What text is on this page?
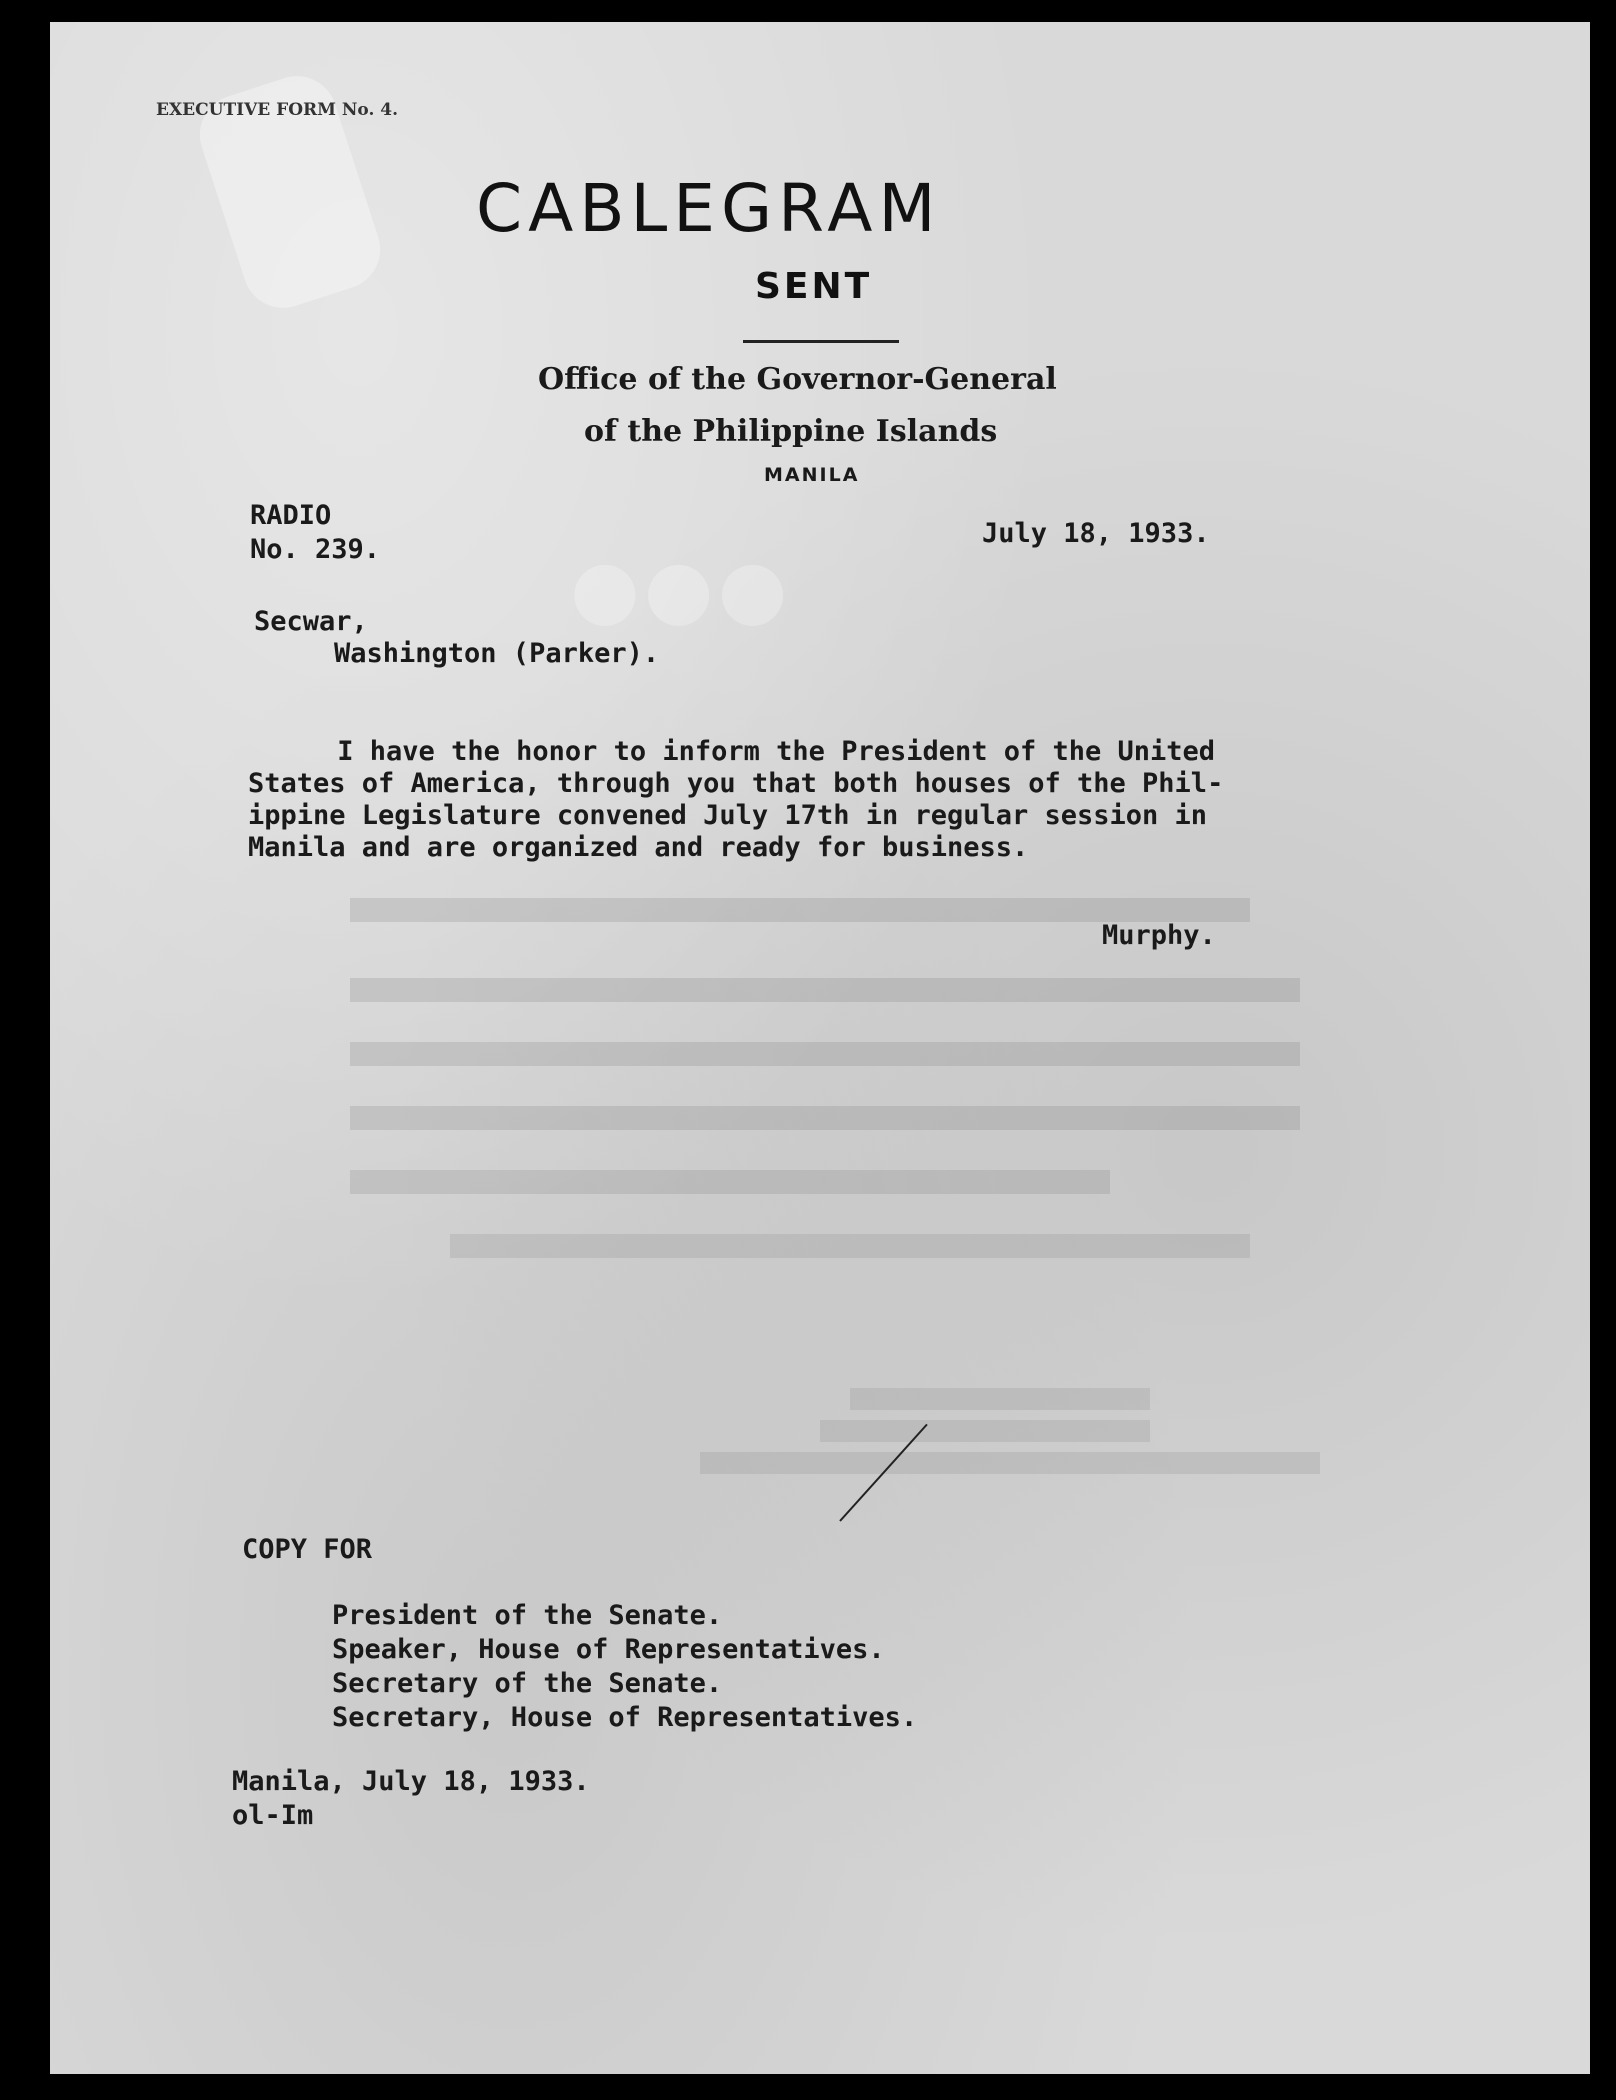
EXECUTIVE FORM No. 4.

CABLEGRAM

SENT

Office of the Governor-General

of the Philippine Islands

MANILA

●●●

RADIO

No. 239.

July 18, 1933.

Secwar,

Washington (Parker).

I have the honor to inform the President of the United

States of America, through you that both houses of the Phil-

ippine Legislature convened July 17th in regular session in

Manila and are organized and ready for business.

Murphy.

COPY FOR

President of the Senate.

Speaker, House of Representatives.

Secretary of the Senate.

Secretary, House of Representatives.

Manila, July 18, 1933.

ol-Im
